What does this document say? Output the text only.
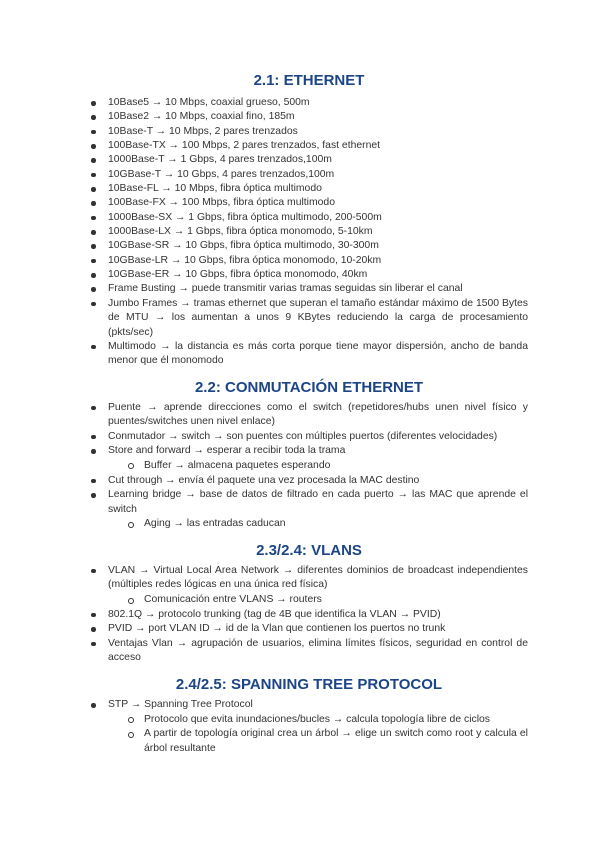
2.1: ETHERNET
10Base5 → 10 Mbps, coaxial grueso, 500m
10Base2 → 10 Mbps, coaxial fino, 185m
10Base-T → 10 Mbps, 2 pares trenzados
100Base-TX → 100 Mbps, 2 pares trenzados, fast ethernet
1000Base-T → 1 Gbps, 4 pares trenzados,100m
10GBase-T → 10 Gbps, 4 pares trenzados,100m
10Base-FL → 10 Mbps, fibra óptica multimodo
100Base-FX → 100 Mbps, fibra óptica multimodo
1000Base-SX → 1 Gbps, fibra óptica multimodo, 200-500m
1000Base-LX → 1 Gbps, fibra óptica monomodo, 5-10km
10GBase-SR → 10 Gbps, fibra óptica multimodo, 30-300m
10GBase-LR → 10 Gbps, fibra óptica monomodo, 10-20km
10GBase-ER → 10 Gbps, fibra óptica monomodo, 40km
Frame Busting → puede transmitir varias tramas seguidas sin liberar el canal
Jumbo Frames → tramas ethernet que superan el tamaño estándar máximo de 1500 Bytes de MTU → los aumentan a unos 9 KBytes reduciendo la carga de procesamiento (pkts/sec)
Multimodo → la distancia es más corta porque tiene mayor dispersión, ancho de banda menor que él monomodo
2.2: CONMUTACIÓN ETHERNET
Puente → aprende direcciones como el switch (repetidores/hubs unen nivel físico y puentes/switches unen nivel enlace)
Conmutador → switch → son puentes con múltiples puertos (diferentes velocidades)
Store and forward → esperar a recibir toda la trama
Buffer → almacena paquetes esperando
Cut through → envía él paquete una vez procesada la MAC destino
Learning bridge → base de datos de filtrado en cada puerto → las MAC que aprende el switch
Aging → las entradas caducan
2.3/2.4: VLANS
VLAN → Virtual Local Area Network → diferentes dominios de broadcast independientes (múltiples redes lógicas en una única red física)
Comunicación entre VLANS → routers
802.1Q → protocolo trunking (tag de 4B que identifica la VLAN → PVID)
PVID → port VLAN ID → id de la Vlan que contienen los puertos no trunk
Ventajas Vlan → agrupación de usuarios, elimina límites físicos, seguridad en control de acceso
2.4/2.5: SPANNING TREE PROTOCOL
STP → Spanning Tree Protocol
Protocolo que evita inundaciones/bucles → calcula topología libre de ciclos
A partir de topología original crea un árbol → elige un switch como root y calcula el árbol resultante
